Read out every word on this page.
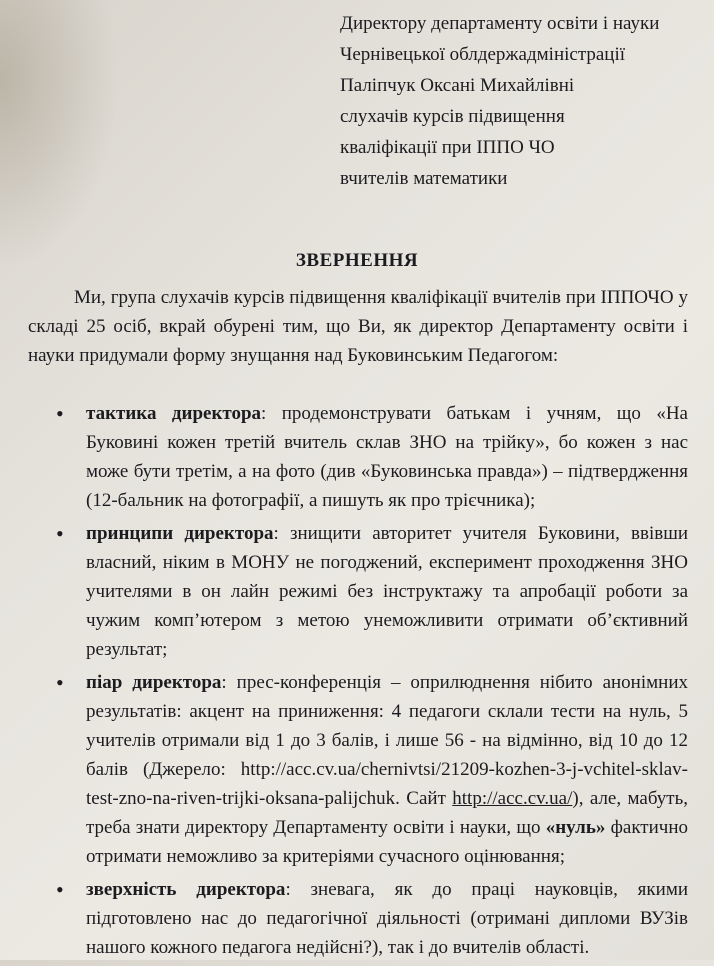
Директору департаменту освіти і науки
Чернівецької облдержадміністрації
Паліпчук Оксані Михайлівні
слухачів курсів підвищення
кваліфікації при ІППО ЧО
вчителів математики
ЗВЕРНЕННЯ
Ми, група слухачів курсів підвищення кваліфікації вчителів при ІППОЧО у складі 25 осіб, вкрай обурені тим, що Ви, як директор Департаменту освіти і науки придумали форму знущання над Буковинським Педагогом:
• тактика директора: продемонструвати батькам і учням, що «На Буковині кожен третій вчитель склав ЗНО на трійку», бо кожен з нас може бути третім, а на фото (див «Буковинська правда») – підтвердження (12-бальник на фотографії, а пишуть як про трієчника);
• принципи директора: знищити авторитет учителя Буковини, ввівши власний, ніким в МОНУ не погоджений, експеримент проходження ЗНО учителями в он лайн режимі без інструктажу та апробації роботи за чужим комп’ютером з метою унеможливити отримати об’єктивний результат;
• піар директора: прес-конференція – оприлюднення нібито анонімних результатів: акцент на приниження: 4 педагоги склали тести на нуль, 5 учителів отримали від 1 до 3 балів, і лише 56 - на відмінно, від 10 до 12 балів (Джерело: http://acc.cv.ua/chernivtsi/21209-kozhen-3-j-vchitel-sklav-test-zno-na-riven-trijki-oksana-palijchuk. Сайт http://acc.cv.ua/), але, мабуть, треба знати директору Департаменту освіти і науки, що «нуль» фактично отримати неможливо за критеріями сучасного оцінювання;
• зверхність директора: зневага, як до праці науковців, якими підготовлено нас до педагогічної діяльності (отримані дипломи ВУЗів нашого кожного педагога недійсні?), так і до вчителів області.
